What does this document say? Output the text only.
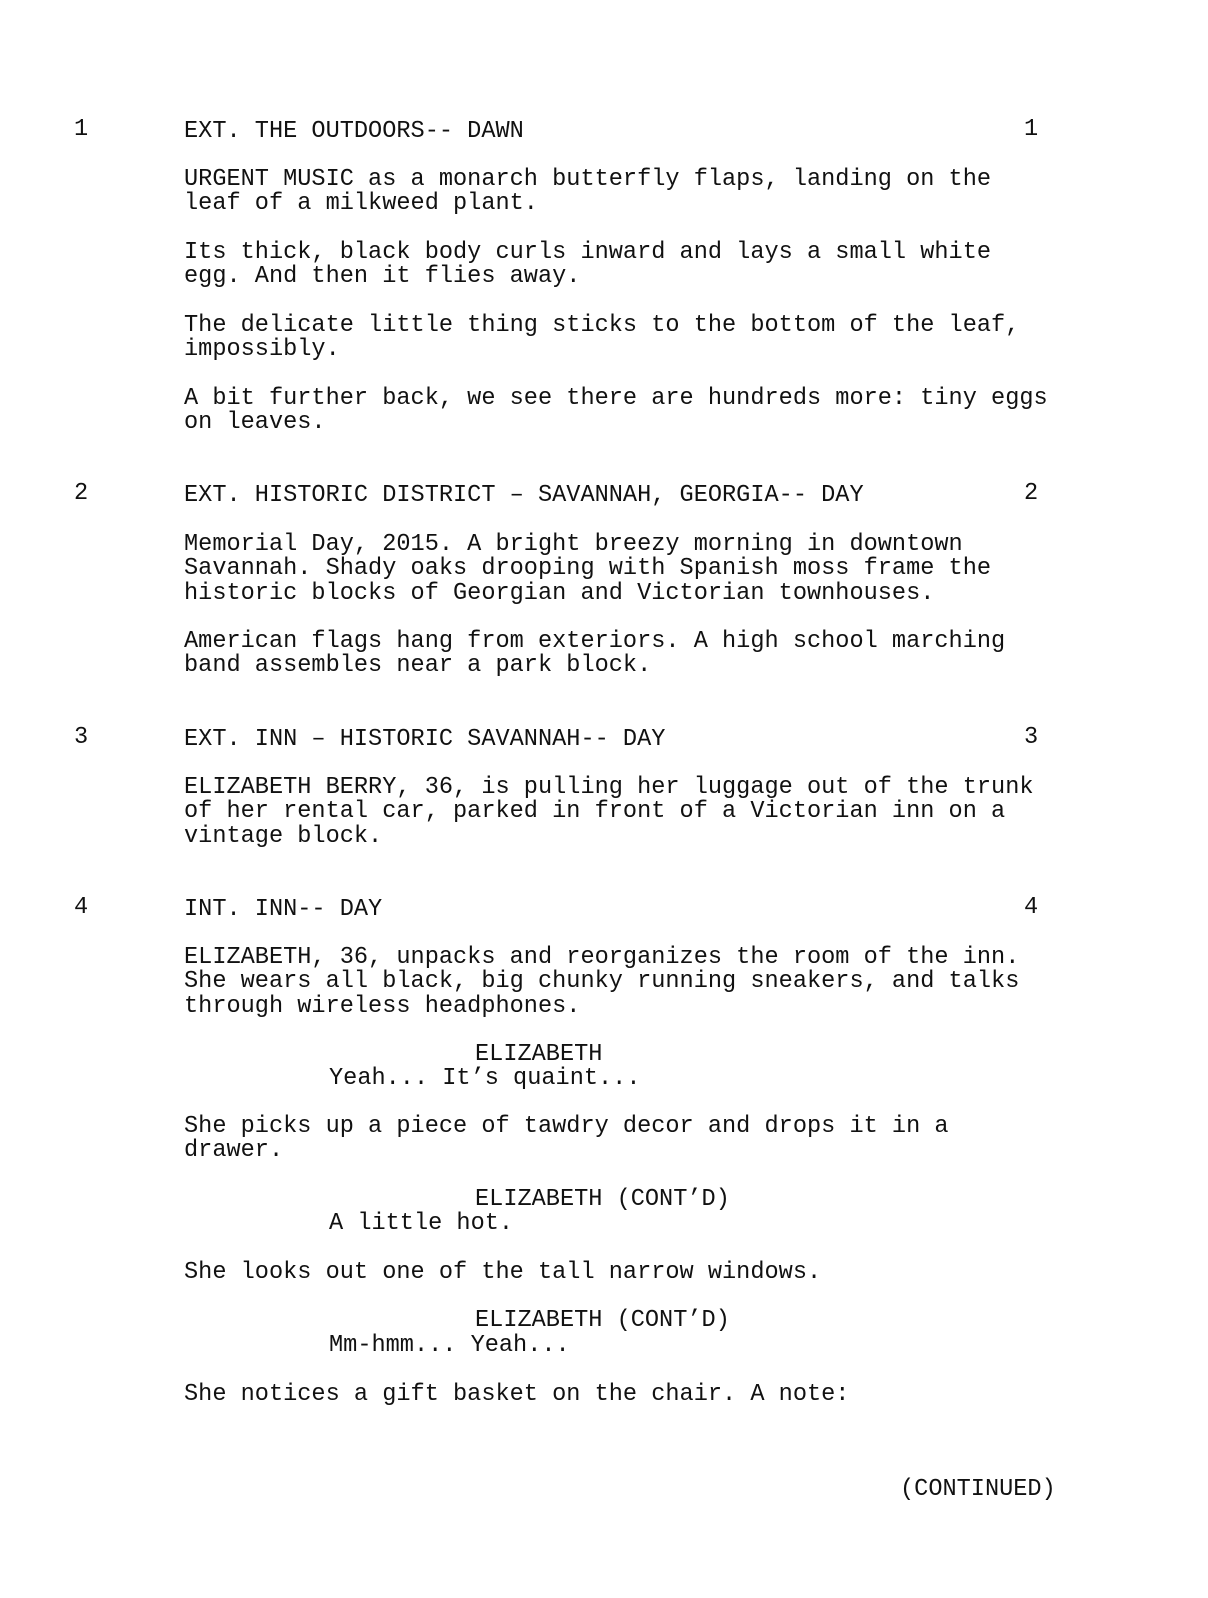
1	EXT. THE OUTDOORS-- DAWN	1
URGENT MUSIC as a monarch butterfly flaps, landing on the
leaf of a milkweed plant.
Its thick, black body curls inward and lays a small white
egg. And then it flies away.
The delicate little thing sticks to the bottom of the leaf,
impossibly.
A bit further back, we see there are hundreds more: tiny eggs
on leaves.
2	EXT. HISTORIC DISTRICT – SAVANNAH, GEORGIA-- DAY	2
Memorial Day, 2015. A bright breezy morning in downtown
Savannah. Shady oaks drooping with Spanish moss frame the
historic blocks of Georgian and Victorian townhouses.
American flags hang from exteriors. A high school marching
band assembles near a park block.
3	EXT. INN – HISTORIC SAVANNAH-- DAY	3
ELIZABETH BERRY, 36, is pulling her luggage out of the trunk
of her rental car, parked in front of a Victorian inn on a
vintage block.
4	INT. INN-- DAY	4
ELIZABETH, 36, unpacks and reorganizes the room of the inn.
She wears all black, big chunky running sneakers, and talks
through wireless headphones.
ELIZABETH
Yeah... It’s quaint...
She picks up a piece of tawdry decor and drops it in a
drawer.
ELIZABETH (CONT’D)
A little hot.
She looks out one of the tall narrow windows.
ELIZABETH (CONT’D)
Mm-hmm... Yeah...
She notices a gift basket on the chair. A note:
(CONTINUED)
